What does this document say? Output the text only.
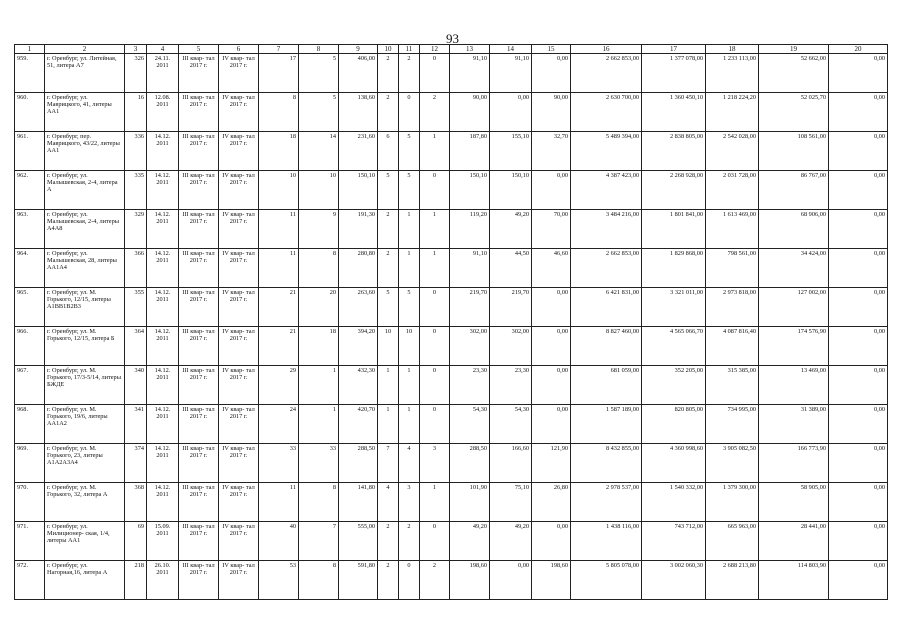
93
1	2	3	4	5	6	7	8	9	10	11	12	13	14	15	16	17	18	19	20
959.	г. Оренбург, ул. Литейная, 51, литера А7	326	24.11. 2011	III квар- тал 2017 г.	IV квар- тал 2017 г.	17	5	406,00	2	2	0	91,10	91,10	0,00	2 662 853,00	1 377 078,00	1 233 113,00	52 662,00	0,00
960.	г. Оренбург, ул. Маврицкого, 41, литеры АА1	16	12.08. 2011	III квар- тал 2017 г.	IV квар- тал 2017 г.	8	5	138,60	2	0	2	90,00	0,00	90,00	2 630 700,00	1 360 450,10	1 218 224,20	52 025,70	0,00
961.	г. Оренбург, пер. Маврицкого, 43/22, литеры АА1	336	14.12. 2011	III квар- тал 2017 г.	IV квар- тал 2017 г.	18	14	231,60	6	5	1	187,80	155,10	32,70	5 489 394,00	2 838 805,00	2 542 028,00	108 561,00	0,00
962.	г. Оренбург, ул. Малышевская, 2-4, литера А	335	14.12. 2011	III квар- тал 2017 г.	IV квар- тал 2017 г.	10	10	150,10	5	5	0	150,10	150,10	0,00	4 387 423,00	2 268 928,00	2 031 728,00	86 767,00	0,00
963.	г. Оренбург, ул. Малышевская, 2-4, литеры А4А8	329	14.12. 2011	III квар- тал 2017 г.	IV квар- тал 2017 г.	11	9	191,30	2	1	1	119,20	49,20	70,00	3 484 216,00	1 801 841,00	1 613 469,00	68 906,00	0,00
964.	г. Оренбург, ул. Малышевская, 28, литеры АА1А4	366	14.12. 2011	III квар- тал 2017 г.	IV квар- тал 2017 г.	11	8	280,80	2	1	1	91,10	44,50	46,60	2 662 853,00	1 829 868,00	798 561,00	34 424,00	0,00
965.	г. Оренбург, ул. М. Горького, 12/15, литеры А1ВВ1В2В3	355	14.12. 2011	III квар- тал 2017 г.	IV квар- тал 2017 г.	21	20	263,60	5	5	0	219,70	219,70	0,00	6 421 831,00	3 321 011,00	2 973 818,00	127 002,00	0,00
966.	г. Оренбург, ул. М. Горького, 12/15, литера Б	364	14.12. 2011	III квар- тал 2017 г.	IV квар- тал 2017 г.	21	18	394,20	10	10	0	302,00	302,00	0,00	8 827 460,00	4 565 066,70	4 087 816,40	174 576,90	0,00
967.	г. Оренбург, ул. М. Горького, 17/3-5/14, литеры БЖДЕ	340	14.12. 2011	III квар- тал 2017 г.	IV квар- тал 2017 г.	29	1	432,30	1	1	0	23,30	23,30	0,00	681 059,00	352 205,00	315 385,00	13 469,00	0,00
968.	г. Оренбург, ул. М. Горького, 19/6, литеры АА1А2	341	14.12. 2011	III квар- тал 2017 г.	IV квар- тал 2017 г.	24	1	420,70	1	1	0	54,30	54,30	0,00	1 587 189,00	820 805,00	734 995,00	31 389,00	0,00
969.	г. Оренбург, ул. М. Горького, 23, литеры А1А2А3А4	374	14.12. 2011	III квар- тал 2017 г.	IV квар- тал 2017 г.	33	33	288,50	7	4	3	288,50	166,60	121,90	8 432 855,00	4 360 998,60	3 905 082,50	166 773,90	0,00
970.	г. Оренбург, ул. М. Горького, 32, литера А	368	14.12. 2011	III квар- тал 2017 г.	IV квар- тал 2017 г.	11	8	141,80	4	3	1	101,90	75,10	26,80	2 978 537,00	1 540 332,00	1 379 300,00	58 905,00	0,00
971.	г. Оренбург, ул. Милиционер- ская, 1/4, литеры АА1	69	15.09. 2011	III квар- тал 2017 г.	IV квар- тал 2017 г.	40	7	555,00	2	2	0	49,20	49,20	0,00	1 438 116,00	743 712,00	665 963,00	28 441,00	0,00
972.	г. Оренбург, ул. Нагорная,16, литера А	218	26.10. 2011	III квар- тал 2017 г.	IV квар- тал 2017 г.	53	8	591,80	2	0	2	198,60	0,00	198,60	5 805 078,00	3 002 060,30	2 688 213,80	114 803,90	0,00
